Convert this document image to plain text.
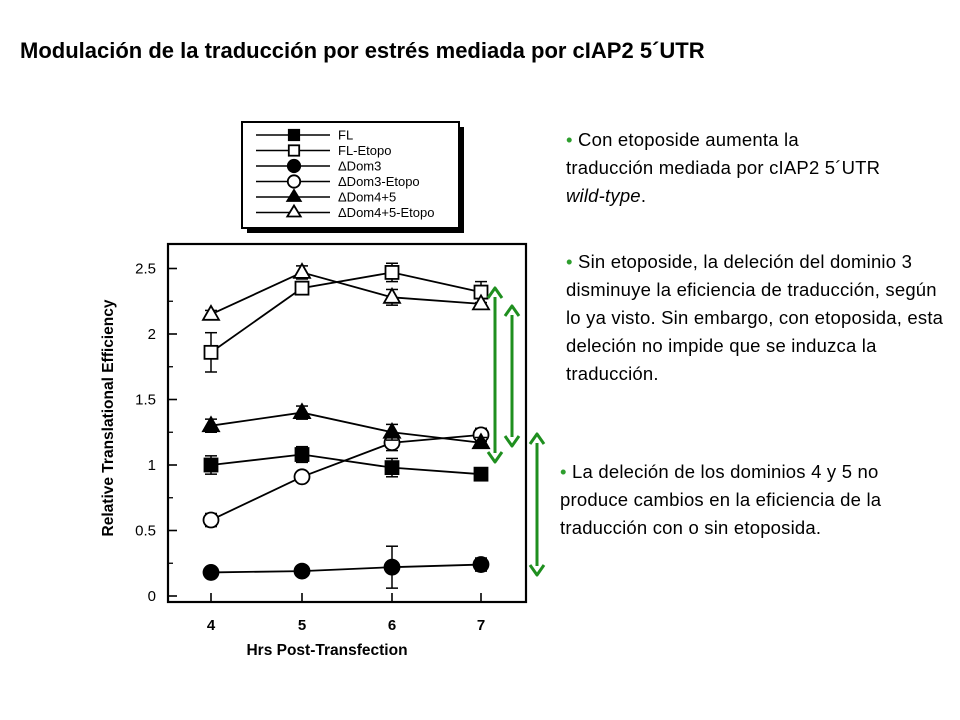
Modulación de la traducción por estrés mediada por cIAP2 5´UTR
FL
FL-Etopo
ΔDom3
ΔDom3-Etopo
ΔDom4+5
ΔDom4+5-Etopo
0
0.5
1
1.5
2
2.5
4	5	6	7
Hrs Post-Transfection
Relative Translational Efficiency
• Con etoposide aumenta la traducción mediada por cIAP2 5´UTR wild-type.
• Sin etoposide, la deleción del dominio 3 disminuye la eficiencia de traducción, según lo ya visto. Sin embargo, con etoposida, esta deleción no impide que se induzca la traducción.
• La deleción de los dominios 4 y 5 no produce cambios en la eficiencia de la traducción con o sin etoposida.
